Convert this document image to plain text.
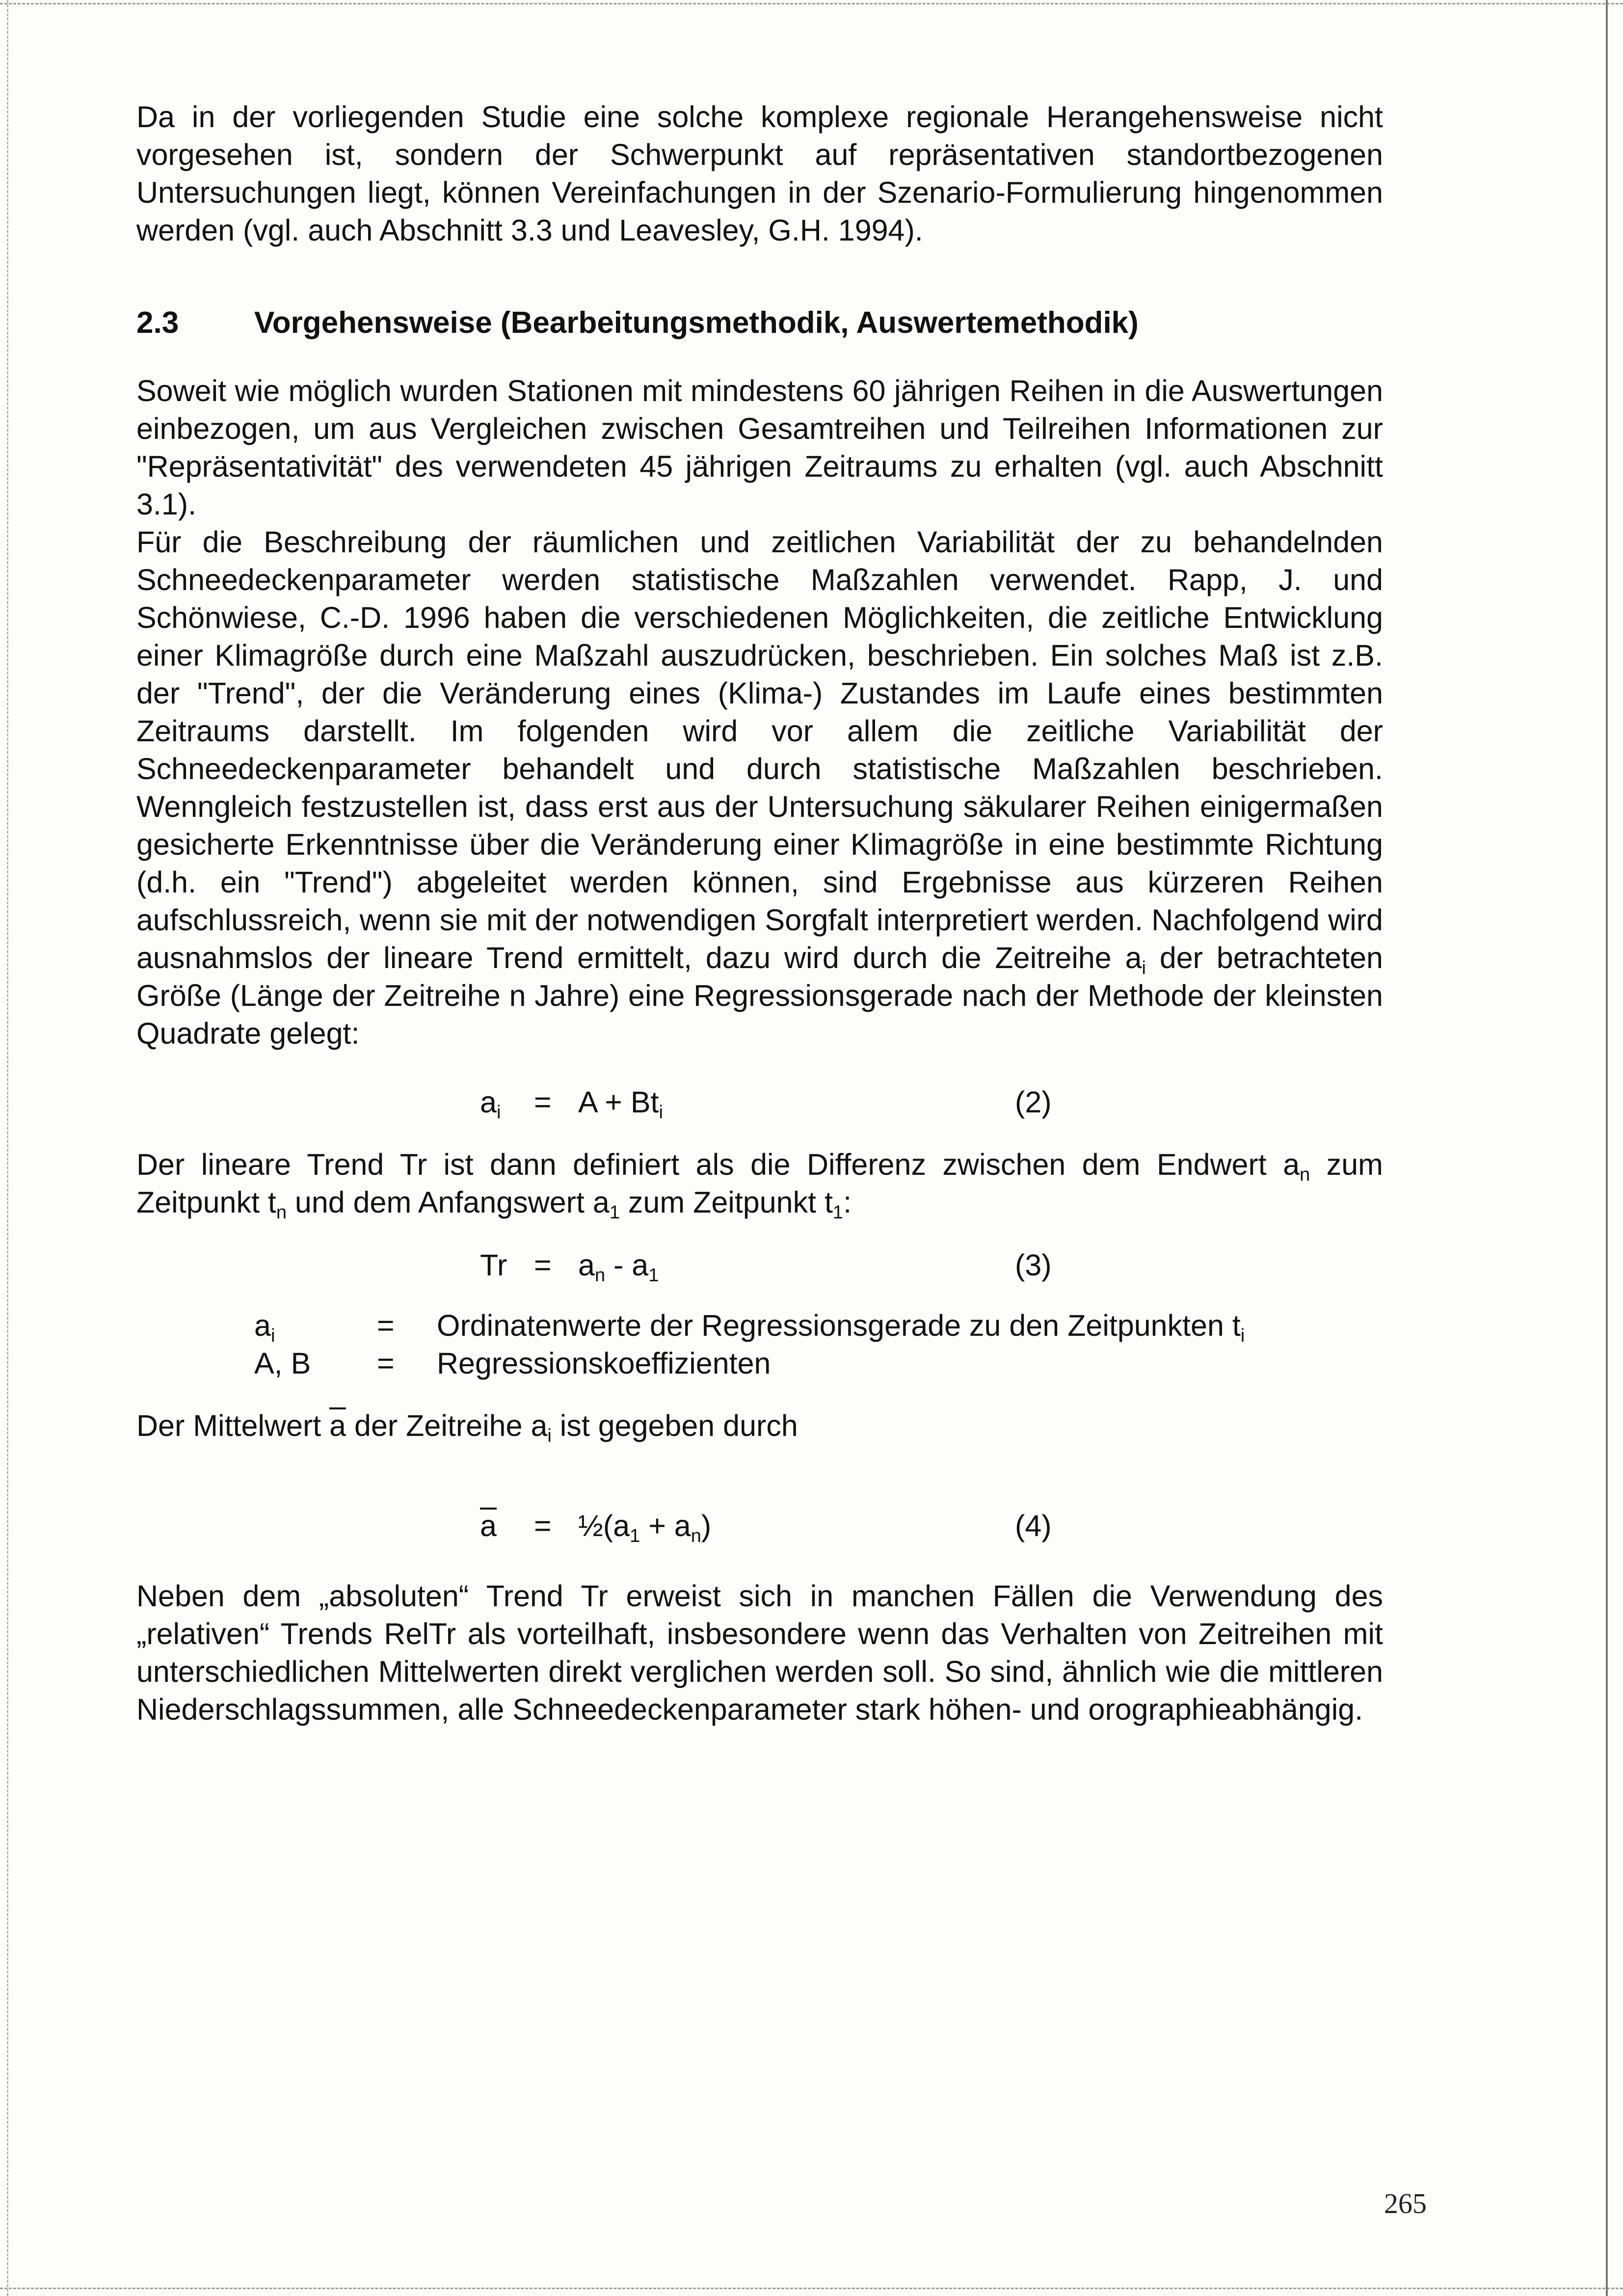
Da in der vorliegenden Studie eine solche komplexe regionale Herangehensweise nicht vorgesehen ist, sondern der Schwerpunkt auf repräsentativen standortbezogenen Untersuchungen liegt, können Vereinfachungen in der Szenario-Formulierung hingenommen werden (vgl. auch Abschnitt 3.3 und Leavesley, G.H. 1994).

2.3	Vorgehensweise (Bearbeitungsmethodik, Auswertemethodik)

Soweit wie möglich wurden Stationen mit mindestens 60 jährigen Reihen in die Auswertungen einbezogen, um aus Vergleichen zwischen Gesamtreihen und Teilreihen Informationen zur "Repräsentativität" des verwendeten 45 jährigen Zeitraums zu erhalten (vgl. auch Abschnitt 3.1).

Für die Beschreibung der räumlichen und zeitlichen Variabilität der zu behandelnden Schneedeckenparameter werden statistische Maßzahlen verwendet. Rapp, J. und Schönwiese, C.-D. 1996 haben die verschiedenen Möglichkeiten, die zeitliche Entwicklung einer Klimagröße durch eine Maßzahl auszudrücken, beschrieben. Ein solches Maß ist z.B. der "Trend", der die Veränderung eines (Klima-) Zustandes im Laufe eines bestimmten Zeitraums darstellt. Im folgenden wird vor allem die zeitliche Variabilität der Schneedeckenparameter behandelt und durch statistische Maßzahlen beschrieben. Wenngleich festzustellen ist, dass erst aus der Untersuchung säkularer Reihen einigermaßen gesicherte Erkenntnisse über die Veränderung einer Klimagröße in eine bestimmte Richtung (d.h. ein "Trend") abgeleitet werden können, sind Ergebnisse aus kürzeren Reihen aufschlussreich, wenn sie mit der notwendigen Sorgfalt interpretiert werden. Nachfolgend wird ausnahmslos der lineare Trend ermittelt, dazu wird durch die Zeitreihe $a_i$ der betrachteten Größe (Länge der Zeitreihe n Jahre) eine Regressionsgerade nach der Methode der kleinsten Quadrate gelegt:

$a_i = A + Bt_i$	(2)

Der lineare Trend Tr ist dann definiert als die Differenz zwischen dem Endwert $a_n$ zum Zeitpunkt $t_n$ und dem Anfangswert $a_1$ zum Zeitpunkt $t_1$:

$Tr = a_n - a_1$	(3)
$a_i$	= Ordinatenwerte der Regressionsgerade zu den Zeitpunkten $t_i$
A, B = Regressionskoeffizienten

Der Mittelwert a der Zeitreihe $a_i$ ist gegeben durch

$a = \frac{1}{2}(a_1 + a_n)$	(4)

Neben dem „absoluten“ Trend Tr erweist sich in manchen Fällen die Verwendung des „relativen“ Trends RelTr als vorteilhaft, insbesondere wenn das Verhalten von Zeitreihen mit unterschiedlichen Mittelwerten direkt verglichen werden soll. So sind, ähnlich wie die mittleren Niederschlagssummen, alle Schneedeckenparameter stark höhen- und orographieabhängig.

265
